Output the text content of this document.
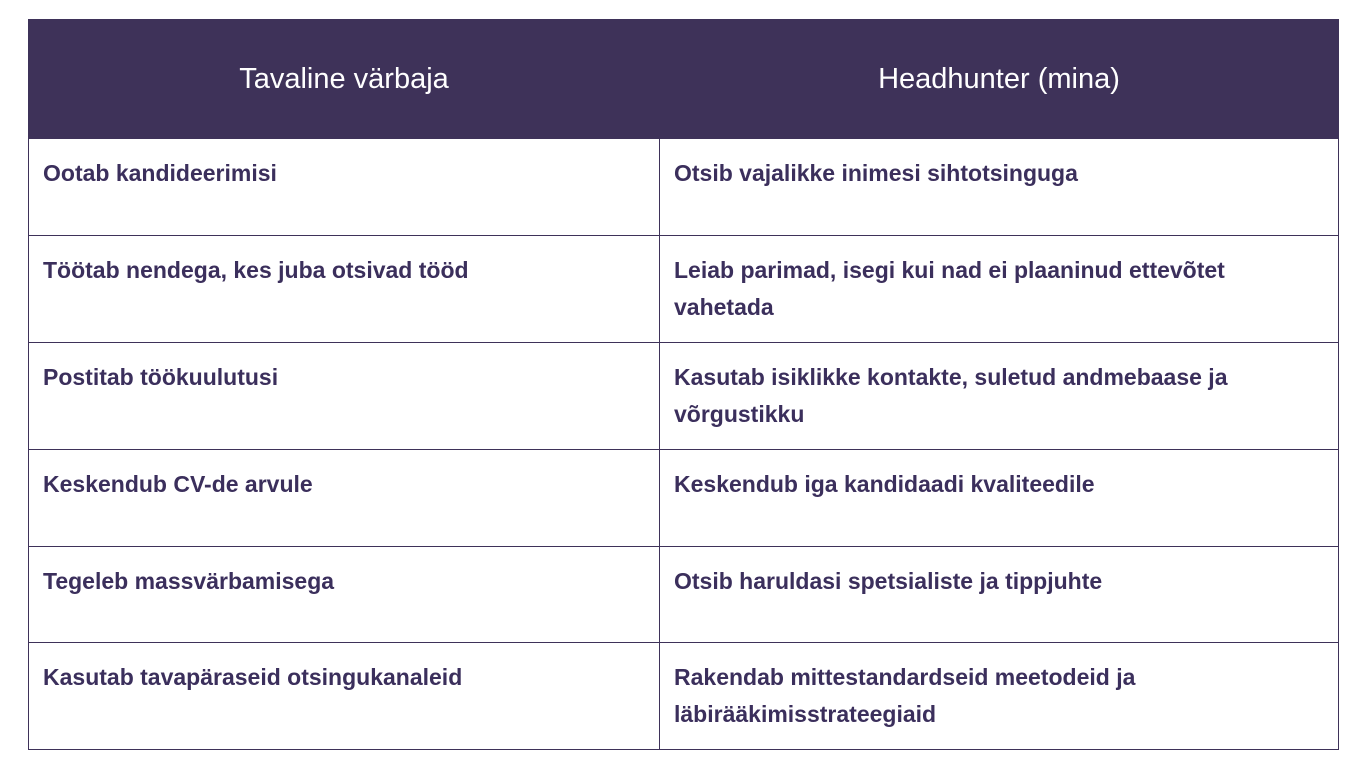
Tavaline värbaja	Headhunter (mina)
Ootab kandideerimisi	Otsib vajalikke inimesi sihtotsinguga
Töötab nendega, kes juba otsivad tööd	Leiab parimad, isegi kui nad ei plaaninud ettevõtet vahetada
Postitab töökuulutusi	Kasutab isiklikke kontakte, suletud andmebaase ja võrgustikku
Keskendub CV-de arvule	Keskendub iga kandidaadi kvaliteedile
Tegeleb massvärbamisega	Otsib haruldasi spetsialiste ja tippjuhte
Kasutab tavapäraseid otsingukanaleid	Rakendab mittestandardseid meetodeid ja läbirääkimisstrateegiaid
